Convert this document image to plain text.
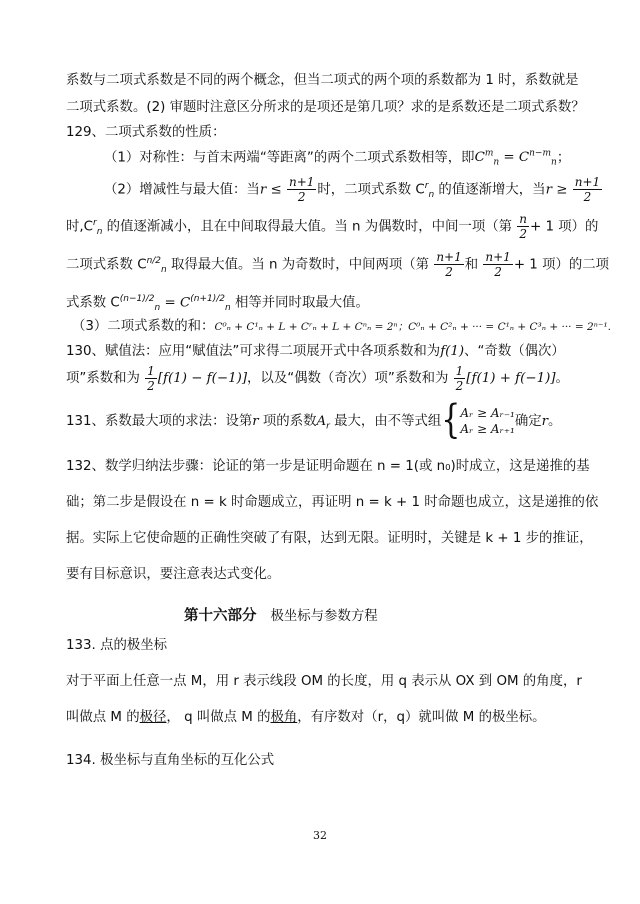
系数与二项式系数是不同的两个概念，但当二项式的两个项的系数都为 1 时，系数就是
二项式系数。(2) 审题时注意区分所求的是项还是第几项？求的是系数还是二项式系数？
129、二项式系数的性质：
（1）对称性：与首末两端“等距离”的两个二项式系数相等，即$C^m_n = C^{n-m}_n$；
（2）增减性与最大值：当$r \le \frac{n+1}{2}$ 时，二项式系数 $C^r_n$ 的值逐渐增大，当$r \ge \frac{n+1}{2}$
时$,C^r_n$ 的值逐渐减小，且在中间取得最大值。当 n 为偶数时，中间一项（第 $\frac{n}{2} + 1$ 项）的
二项式系数 $C^{n/2}_n$ 取得最大值。当 n 为奇数时，中间两项（第 $\frac{n+1}{2}$ 和 $\frac{n+1}{2} + 1$ 项）的二项
式系数 $C^{(n-1)/2}_n = C^{(n+1)/2}_n$ 相等并同时取最大值。
（3）二项式系数的和：C⁰ₙ + C¹ₙ + L + Cʳₙ + L + Cⁿₙ = 2ⁿ；C⁰ₙ + C²ₙ + ··· = C¹ₙ + C³ₙ + ··· = 2ⁿ⁻¹.
130、赋值法：应用“赋值法”可求得二项展开式中各项系数和为f(1)、“奇数（偶次）
项”系数和为 $\frac{1}{2} [f(1) - f(-1)]$，以及“偶数（奇次）项”系数和为 $\frac{1}{2} [f(1) + f(-1)]$。
131、系数最大项的求法：设第r 项的系数$A_r$ 最大，由不等式组{ Aᵣ ≥ Aᵣ₋₁
Aᵣ ≥ Aᵣ₊₁ 确定r。
132、数学归纳法步骤：论证的第一步是证明命题在 n = 1(或 n₀)时成立，这是递推的基
础；第二步是假设在 n = k 时命题成立，再证明 n = k + 1 时命题也成立，这是递推的依
据。实际上它使命题的正确性突破了有限，达到无限。证明时，关键是 k + 1 步的推证，
要有目标意识，要注意表达式变化。
第十六部分 极坐标与参数方程
133. 点的极坐标
对于平面上任意一点 M，用 r 表示线段 OM 的长度，用 q 表示从 OX 到 OM 的角度，r
叫做点 M 的极径， q 叫做点 M 的极角，有序数对（r，q）就叫做 M 的极坐标。
134. 极坐标与直角坐标的互化公式
32
